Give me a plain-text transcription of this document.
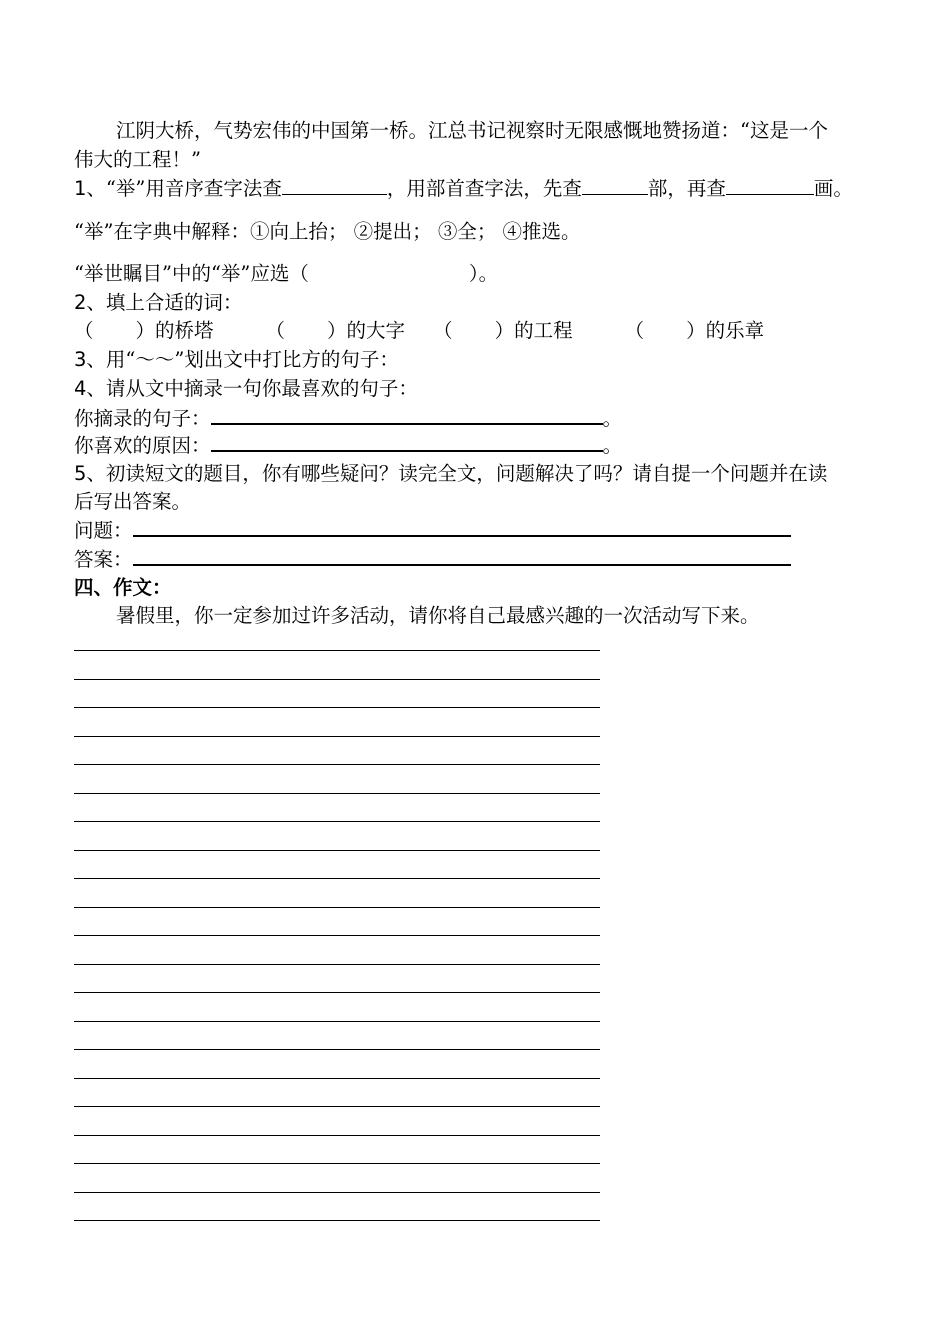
江阴大桥，气势宏伟的中国第一桥。江总书记视察时无限感慨地赞扬道：“这是一个
伟大的工程！”
1、“举”用音序查字法查	，用部首查字法，先查	部，再查	画。
“举”在字典中解释：①向上抬； ②提出； ③全； ④推选。
“举世瞩目”中的“举”应选（	）。
2、填上合适的词：
（ ）的桥塔	（ ）的大字 （ ）的工程	（ ）的乐章
3、用“～～”划出文中打比方的句子：
4、请从文中摘录一句你最喜欢的句子：
你摘录的句子：	。
你喜欢的原因：	。
5、初读短文的题目，你有哪些疑问？读完全文，问题解决了吗？请自提一个问题并在读
后写出答案。
问题：
答案：
四、作文：
暑假里，你一定参加过许多活动，请你将自己最感兴趣的一次活动写下来。
